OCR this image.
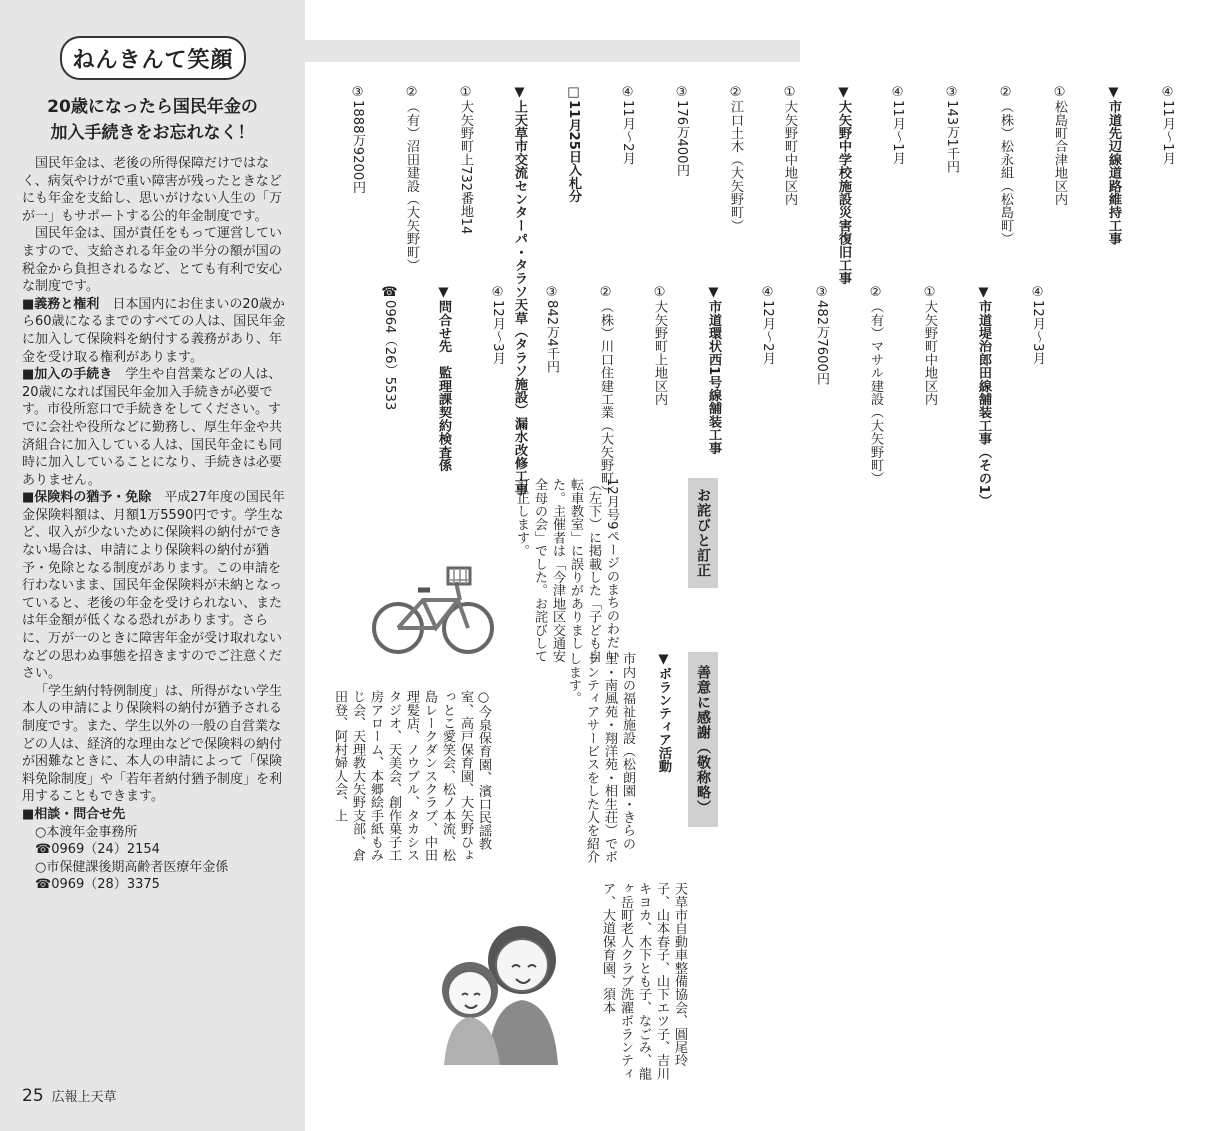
ねんきんて笑顔
20歳になったら国民年金の
加入手続きをお忘れなく！

国民年金は、老後の所得保障だけではなく、病気やけがで重い障害が残ったときなどにも年金を支給し、思いがけない人生の「万が一」もサポートする公的年金制度です。

国民年金は、国が責任をもって運営していますので、支給される年金の半分の額が国の税金から負担されるなど、とても有利で安心な制度です。

■義務と権利　 日本国内にお住まいの20歳から60歳になるまでのすべての人は、国民年金に加入して保険料を納付する義務があり、年金を受け取る権利があります。

■加入の手続き　 学生や自営業などの人は、20歳になれば国民年金加入手続きが必要です。市役所窓口で手続きをしてください。すでに会社や役所などに勤務し、厚生年金や共済組合に加入している人は、国民年金にも同時に加入していることになり、手続きは必要ありません。

■保険料の猶予・免除　 平成27年度の国民年金保険料額は、月額1万5590円です。学生など、収入が少ないために保険料の納付ができない場合は、申請により保険料の納付が猶予・免除となる制度があります。この申請を行わないまま、国民年金保険料が未納となっていると、老後の年金を受けられない、または年金額が低くなる恐れがあります。さらに、万が一のときに障害年金が受け取れないなどの思わぬ事態を招きますのでご注意ください。

「学生納付特例制度」は、所得がない学生本人の申請により保険料の納付が猶予される制度です。また、学生以外の一般の自営業などの人は、経済的な理由などで保険料の納付が困難なときに、本人の申請によって「保険料免除制度」や「若年者納付猶予制度」を利用することもできます。

■相談・問合せ先

○本渡年金事務所

☎0969（24）2154

○市保健課後期高齢者医療年金係

☎0969（28）3375

25 広報上天草

④11月〜1月

▼市道先辺線道路維持工事

①松島町合津地区内

②（株）松永組（松島町）

③143万1千円

④11月〜1月

▼大矢野中学校施設災害復旧工事

①大矢野町中地区内

②江口土木（大矢野町）

③176万400円

④11月〜2月

□11月25日入札分

▼上天草市交流センターパ・タラソ天草（タラソ施設）漏水改修工事

①大矢野町上732番地14

②（有）沼田建設（大矢野町）

③1888万9200円

④12月〜3月

▼市道堤治郎田線舗装工事（その1）

①大矢野町中地区内

②（有）マサル建設（大矢野町）

③482万7600円

④12月〜2月

▼市道環状西1号線舗装工事

①大矢野町上地区内

②（株）川口住建工業（大矢野町）

③842万4千円

④12月〜3月

▼問合せ先　監理課契約検査係

☎0964（26）5533

お詫びと訂正
12月号9ページのまちのわだい（左下）に掲載した「子ども自転車教室」に誤りがありました。主催者は「今津地区交通安全母の会」でした。お詫びして訂正します。
善意に感謝（敬称略）
▼ボランティア活動
市内の福祉施設（松朗園・きらの里・南風苑・翔洋苑・相生荘）でボランティアサービスをした人を紹介します。
○今泉保育園、濱口民謡教室、高戸保育園、大矢野ひょっとこ愛笑会、松ノ本流、松島レークダンスクラブ、中田理髪店、ノウブル、タカシスタジオ、天美会、創作菓子工房アローム、本郷絵手紙もみじ会、天理教大矢野支部、倉田登、阿村婦人会、上
天草市自動車整備協会、圓尾玲子、山本春子、山下エツ子、吉川キヨカ、木下とも子、なごみ、龍ヶ岳町老人クラブ洗濯ボランティア、大道保育園、須本
